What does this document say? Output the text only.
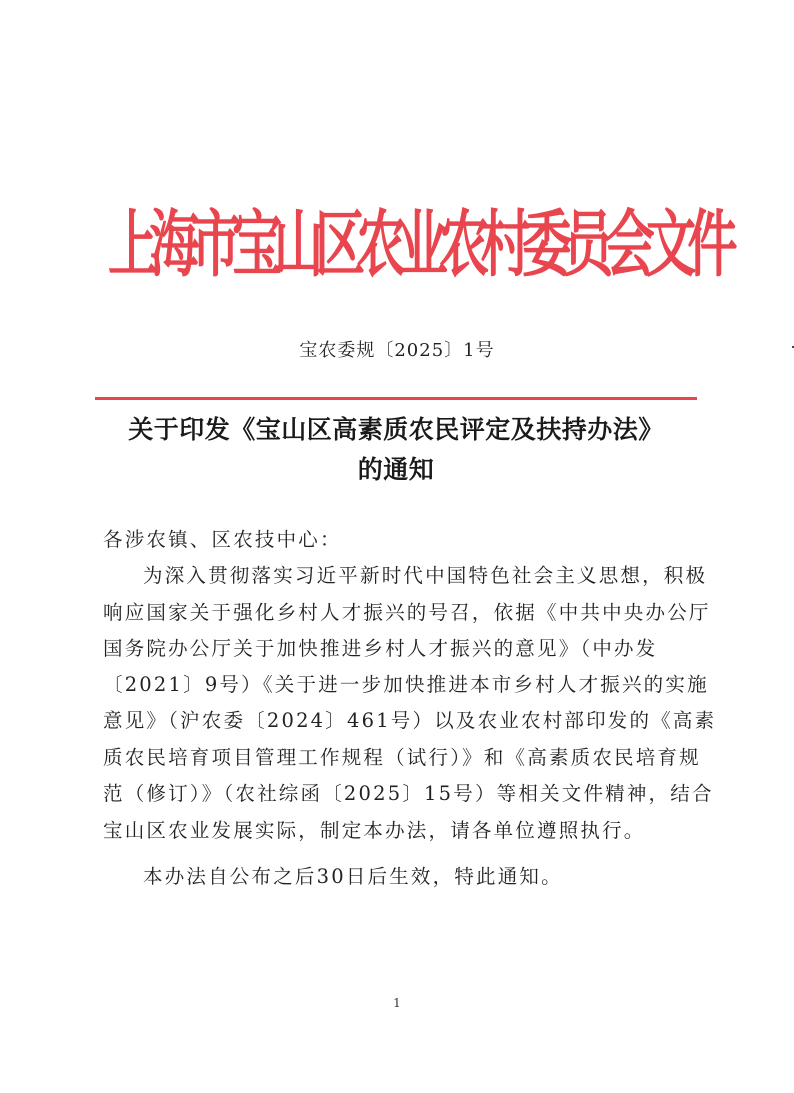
上
海
市
宝
山
区
农
业
农
村
委
员
会
文
件
宝农委规〔2025〕1号
关于印发《宝山区高素质农民评定及扶持办法》
的通知
各涉农镇、区农技中心：
为深入贯彻落实习近平新时代中国特色社会主义思想，积极
响应国家关于强化乡村人才振兴的号召，依据《中共中央办公厅
国务院办公厅关于加快推进乡村人才振兴的意见》（中办发
〔2021〕9号）《关于进一步加快推进本市乡村人才振兴的实施
意见》（沪农委〔2024〕461号）以及农业农村部印发的《高素
质农民培育项目管理工作规程（试行）》和《高素质农民培育规
范（修订）》（农社综函〔2025〕15号）等相关文件精神，结合
宝山区农业发展实际，制定本办法，请各单位遵照执行。
本办法自公布之后30日后生效，特此通知。
1
